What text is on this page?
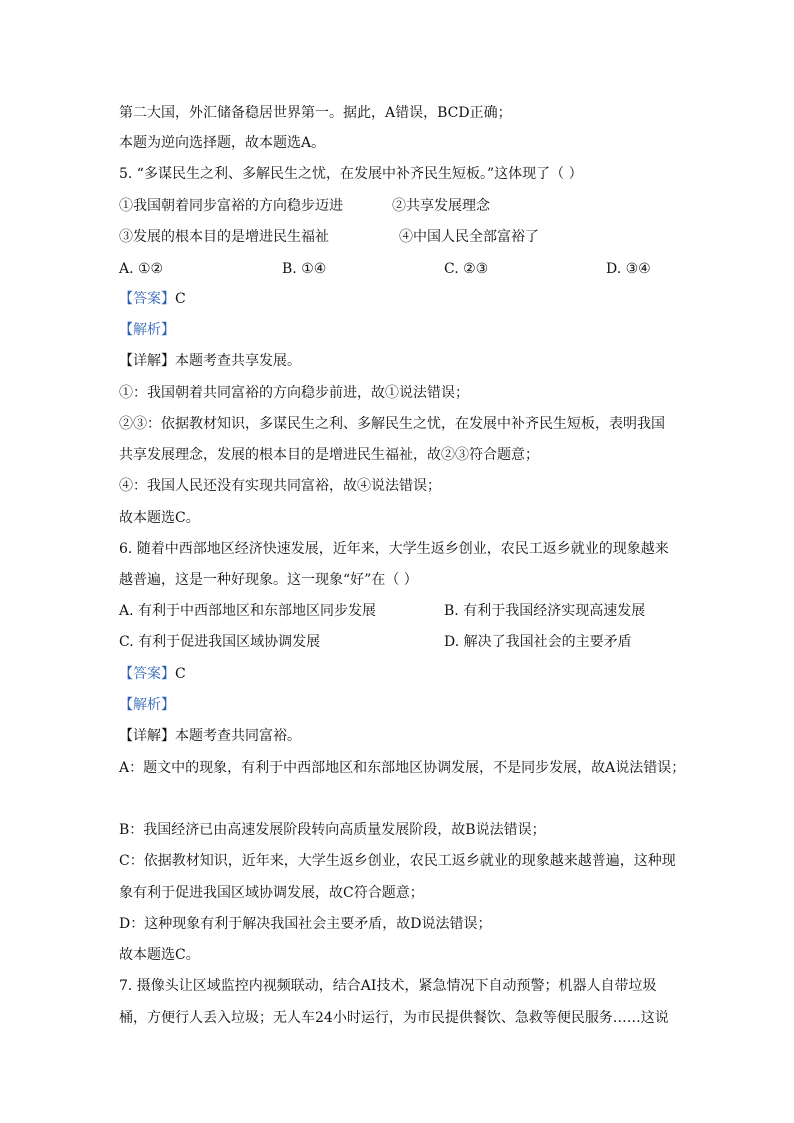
第二大国，外汇储备稳居世界第一。据此，A错误，BCD正确；
本题为逆向选择题，故本题选A。
5. “多谋民生之利、多解民生之忧，在发展中补齐民生短板。”这体现了（ ）
①我国朝着同步富裕的方向稳步迈进	②共享发展理念
③发展的根本目的是增进民生福祉	④中国人民全部富裕了
A. ①②	B. ①④	C. ②③	D. ③④
【答案】C
【解析】
【详解】本题考查共享发展。
①：我国朝着共同富裕的方向稳步前进，故①说法错误；
②③：依据教材知识，多谋民生之利、多解民生之忧，在发展中补齐民生短板，表明我国
共享发展理念，发展的根本目的是增进民生福祉，故②③符合题意；
④：我国人民还没有实现共同富裕，故④说法错误；
故本题选C。
6. 随着中西部地区经济快速发展，近年来，大学生返乡创业，农民工返乡就业的现象越来
越普遍，这是一种好现象。这一现象“好”在（ ）
A. 有利于中西部地区和东部地区同步发展	B. 有利于我国经济实现高速发展
C. 有利于促进我国区域协调发展	D. 解决了我国社会的主要矛盾
【答案】C
【解析】
【详解】本题考查共同富裕。
A：题文中的现象，有利于中西部地区和东部地区协调发展，不是同步发展，故A说法错误；
B：我国经济已由高速发展阶段转向高质量发展阶段，故B说法错误；
C：依据教材知识，近年来，大学生返乡创业，农民工返乡就业的现象越来越普遍，这种现
象有利于促进我国区域协调发展，故C符合题意；
D：这种现象有利于解决我国社会主要矛盾，故D说法错误；
故本题选C。
7. 摄像头让区域监控内视频联动，结合AI技术，紧急情况下自动预警；机器人自带垃圾
桶，方便行人丢入垃圾；无人车24小时运行，为市民提供餐饮、急救等便民服务……这说
